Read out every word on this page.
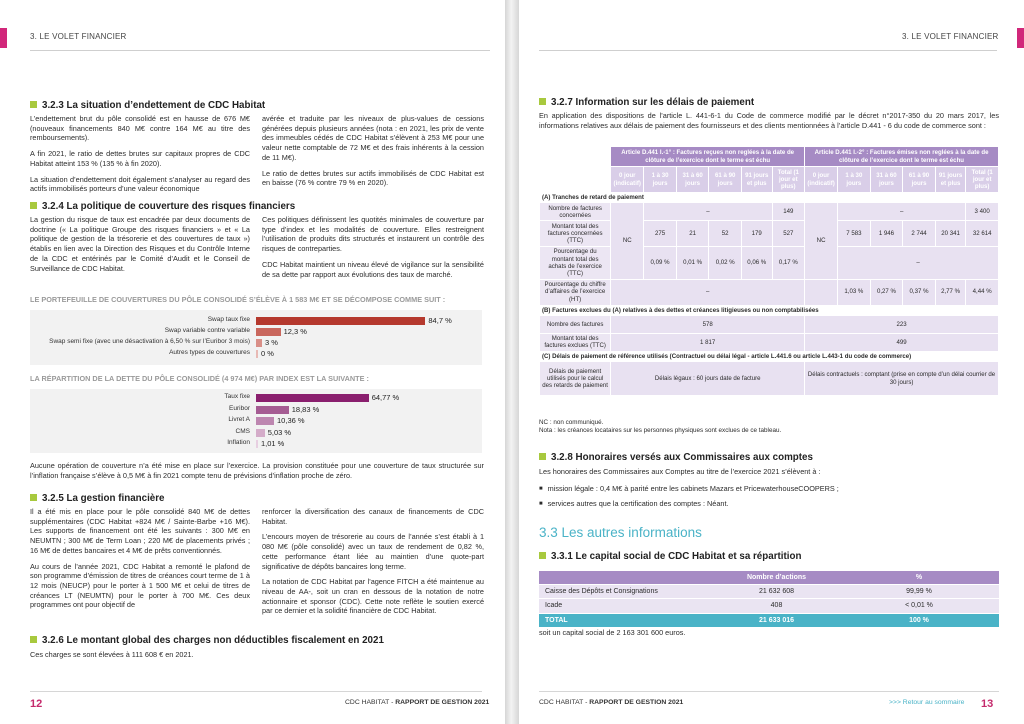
3. LE VOLET FINANCIER
3.2.3 La situation d’endettement de CDC Habitat

L’endettement brut du pôle consolidé est en hausse de 676 M€ (nouveaux financements 840 M€ contre 164 M€ au titre des remboursements).

A fin 2021, le ratio de dettes brutes sur capitaux propres de CDC Habitat atteint 153 % (135 % à fin 2020).

La situation d’endettement doit également s’analyser au regard des actifs immobilisés porteurs d’une valeur économique

avérée et traduite par les niveaux de plus-values de cessions générées depuis plusieurs années (nota : en 2021, les prix de vente des immeubles cédés de CDC Habitat s’élèvent à 253 M€ pour une valeur nette comptable de 72 M€ et des frais inhérents à la cession de 11 M€).

Le ratio de dettes brutes sur actifs immobilisés de CDC Habitat est en baisse (76 % contre 79 % en 2020).

3.2.4 La politique de couverture des risques financiers

La gestion du risque de taux est encadrée par deux documents de doctrine (« La politique Groupe des risques financiers » et « La politique de gestion de la trésorerie et des couvertures de taux ») établis en lien avec la Direction des Risques et du Contrôle Interne de la CDC et entérinés par le Comité d’Audit et le Conseil de Surveillance de CDC Habitat.

Ces politiques définissent les quotités minimales de couverture par type d’index et les modalités de couverture. Elles restreignent l’utilisation de produits dits structurés et instaurent un contrôle des risques de contreparties.

CDC Habitat maintient un niveau élevé de vigilance sur la sensibilité de sa dette par rapport aux évolutions des taux de marché.

LE PORTEFEUILLE DE COUVERTURES DU PÔLE CONSOLIDÉ S’ÉLÈVE À 1 583 M€ ET SE DÉCOMPOSE COMME SUIT :
Swap taux fixe	84,7 %
Swap variable contre variable	12,3 %
Swap semi fixe (avec une désactivation à 6,50 % sur l’Euribor 3 mois) 3 %
Autres types de couvertures 0 %
LA RÉPARTITION DE LA DETTE DU PÔLE CONSOLIDÉ (4 974 M€) PAR INDEX EST LA SUIVANTE :
Taux fixe	64,77 %
Euribor	18,83 %
Livret A	10,36 %
CMS 5,03 %
Inflation 1,01 %

Aucune opération de couverture n’a été mise en place sur l’exercice. La provision constituée pour une couverture de taux structurée sur l’inflation française s’élève à 0,5 M€ à fin 2021 compte tenu de prévisions d’inflation proche de zéro.

3.2.5 La gestion financière

Il a été mis en place pour le pôle consolidé 840 M€ de dettes supplémentaires (CDC Habitat +824 M€ / Sainte-Barbe +16 M€). Les supports de financement ont été les suivants : 300 M€ en NEUMTN ; 300 M€ de Term Loan ; 220 M€ de placements privés ; 16 M€ de dettes bancaires et 4 M€ de prêts conventionnés.

Au cours de l’année 2021, CDC Habitat a remonté le plafond de son programme d’émission de titres de créances court terme de 1 à 12 mois (NEUCP) pour le porter à 1 500 M€ et celui de titres de créances LT (NEUMTN) pour le porter à 700 M€. Ces deux programmes ont pour objectif de

renforcer la diversification des canaux de financements de CDC Habitat.

L’encours moyen de trésorerie au cours de l’année s’est établi à 1 080 M€ (pôle consolidé) avec un taux de rendement de 0,82 %, cette performance étant liée au maintien d’une quote-part significative de dépôts bancaires long terme.

La notation de CDC Habitat par l’agence FITCH a été maintenue au niveau de AA-, soit un cran en dessous de la notation de notre actionnaire et sponsor (CDC). Cette note reflète le soutien exercé par ce dernier et la solidité financière de CDC Habitat.

3.2.6 Le montant global des charges non déductibles fiscalement en 2021

Ces charges se sont élevées à 111 608 € en 2021.

12	CDC HABITAT - RAPPORT DE GESTION 2021
3. LE VOLET FINANCIER
3.2.7 Information sur les délais de paiement

En application des dispositions de l’article L. 441-6-1 du Code de commerce modifié par le décret n°2017-350 du 20 mars 2017, les informations relatives aux délais de paiement des fournisseurs et des clients mentionnées à l’article D.441 - 6 du code de commerce sont :

	Article D.441 I.-1° : Factures reçues non reglées à la date de clôture de l’exercice dont le terme est échu						Article D.441 I.-2° : Factures émises non reglées à la date de clôture de l’exercice dont le terme est échu					
	0 jour (indicatif)	1 à 30 jours	31 à 60 jours	61 à 90 jours	91 jours et plus	Total (1 jour et plus)	0 jour (indicatif)	1 à 30 jours	31 à 60 jours	61 à 90 jours	91 jours et plus	Total (1 jour et plus)
(A) Tranches de retard de paiement												
Nombre de factures concernées	NC	–				149	NC	–				3 400
Montant total des factures concernées (TTC)		275	21	52	179	527		7 583	1 946	2 744	20 341	32 614
Pourcentage du montant total des achats de l’exercice (TTC)		0,09 %	0,01 %	0,02 %	0,06 %	0,17 %		–				
Pourcentage du chiffre d’affaires de l’exercice (HT)	–							1,03 %	0,27 %	0,37 %	2,77 %	4,44 %
(B) Factures exclues du (A) relatives à des dettes et créances litigieuses ou non comptabilisées												
Nombre des factures	578						223					
Montant total des factures exclues (TTC)	1 817						499					
(C) Délais de paiement de référence utilisés (Contractuel ou délai légal - article L.441.6 ou article L.443-1 du code de commerce)												
Délais de paiement utilisés pour le calcul des retards de paiement	Délais légaux : 60 jours date de facture						Délais contractuels : comptant (prise en compte d’un délai courrier de 30 jours)					
NC : non communiqué.
Nota : les créances locataires sur les personnes physiques sont exclues de ce tableau.
3.2.8 Honoraires versés aux Commissaires aux comptes

Les honoraires des Commissaires aux Comptes au titre de l’exercice 2021 s’élèvent à :

■ mission légale : 0,4 M€ à parité entre les cabinets Mazars et PricewaterhouseCOOPERS ;
■ services autres que la certification des comptes : Néant.
3.3 Les autres informations
3.3.1 Le capital social de CDC Habitat et sa répartition
	Nombre d’actions	%
Caisse des Dépôts et Consignations	21 632 608	99,99 %
Icade	408	< 0,01 %
TOTAL	21 633 016	100 %

soit un capital social de 2 163 301 600 euros.

CDC HABITAT - RAPPORT DE GESTION 2021	>>> Retour au sommaire 13
